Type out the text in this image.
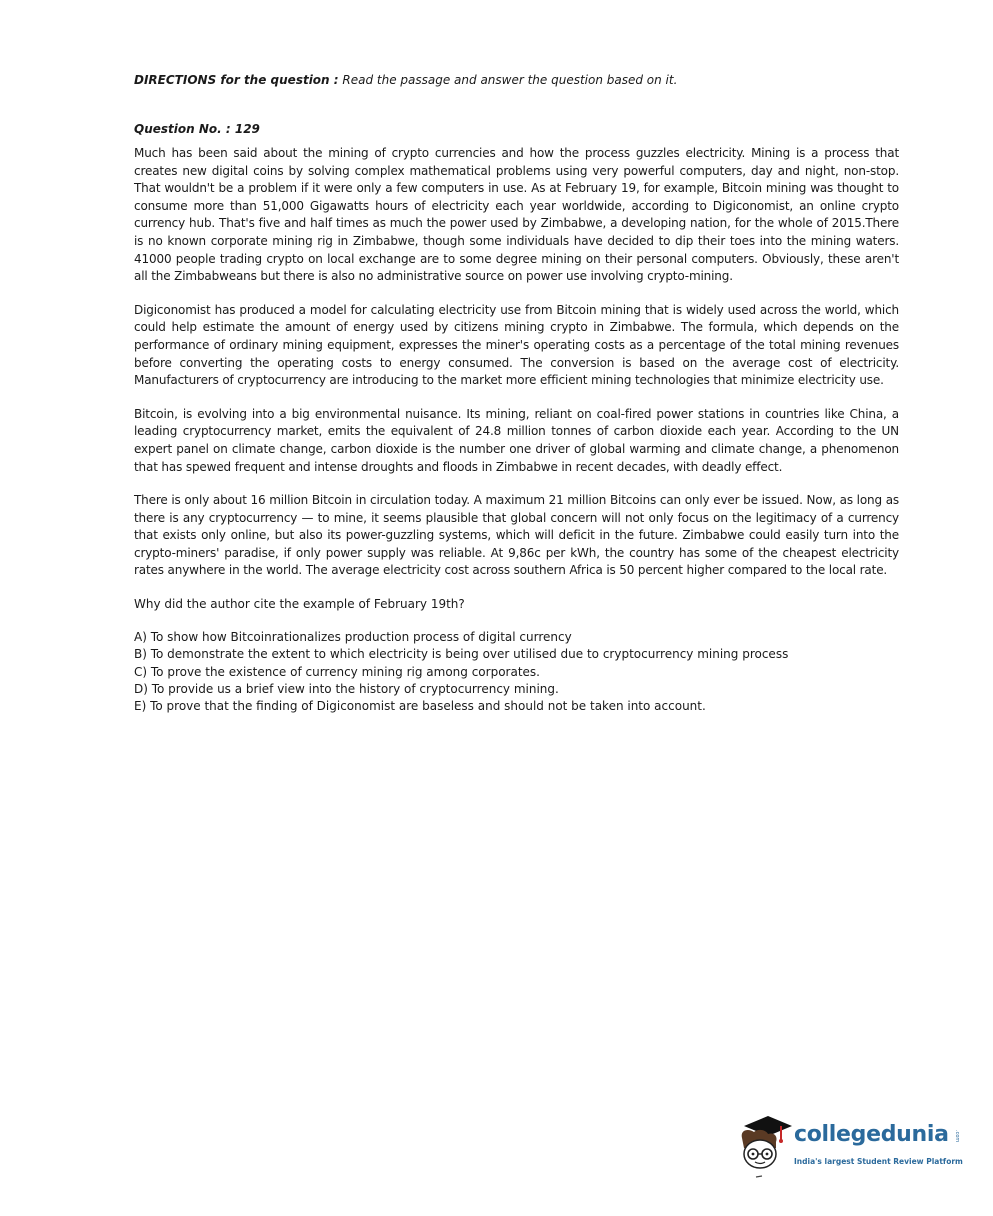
DIRECTIONS for the question : Read the passage and answer the question based on it.

Question No. : 129

Much has been said about the mining of crypto currencies and how the process guzzles electricity. Mining is a process that creates new digital coins by solving complex mathematical problems using very powerful computers, day and night, non-stop. That wouldn't be a problem if it were only a few computers in use. As at February 19, for example, Bitcoin mining was thought to consume more than 51,000 Gigawatts hours of electricity each year worldwide, according to Digiconomist, an online crypto currency hub. That's five and half times as much the power used by Zimbabwe, a developing nation, for the whole of 2015.There is no known corporate mining rig in Zimbabwe, though some individuals have decided to dip their toes into the mining waters. 41000 people trading crypto on local exchange are to some degree mining on their personal computers. Obviously, these aren't all the Zimbabweans but there is also no administrative source on power use involving crypto-mining.

Digiconomist has produced a model for calculating electricity use from Bitcoin mining that is widely used across the world, which could help estimate the amount of energy used by citizens mining crypto in Zimbabwe. The formula, which depends on the performance of ordinary mining equipment, expresses the miner's operating costs as a percentage of the total mining revenues before converting the operating costs to energy consumed. The conversion is based on the average cost of electricity. Manufacturers of cryptocurrency are introducing to the market more efficient mining technologies that minimize electricity use.

Bitcoin, is evolving into a big environmental nuisance. Its mining, reliant on coal-fired power stations in countries like China, a leading cryptocurrency market, emits the equivalent of 24.8 million tonnes of carbon dioxide each year. According to the UN expert panel on climate change, carbon dioxide is the number one driver of global warming and climate change, a phenomenon that has spewed frequent and intense droughts and floods in Zimbabwe in recent decades, with deadly effect.

There is only about 16 million Bitcoin in circulation today. A maximum 21 million Bitcoins can only ever be issued. Now, as long as there is any cryptocurrency — to mine, it seems plausible that global concern will not only focus on the legitimacy of a currency that exists only online, but also its power-guzzling systems, which will deficit in the future. Zimbabwe could easily turn into the crypto-miners' paradise, if only power supply was reliable. At 9,86c per kWh, the country has some of the cheapest electricity rates anywhere in the world. The average electricity cost across southern Africa is 50 percent higher compared to the local rate.

Why did the author cite the example of February 19th?

A) To show how Bitcoinrationalizes production process of digital currency
B) To demonstrate the extent to which electricity is being over utilised due to cryptocurrency mining process
C) To prove the existence of currency mining rig among corporates.
D) To provide us a brief view into the history of cryptocurrency mining.
E) To prove that the finding of Digiconomist are baseless and should not be taken into account.
collegedunia .com
India's largest Student Review Platform
